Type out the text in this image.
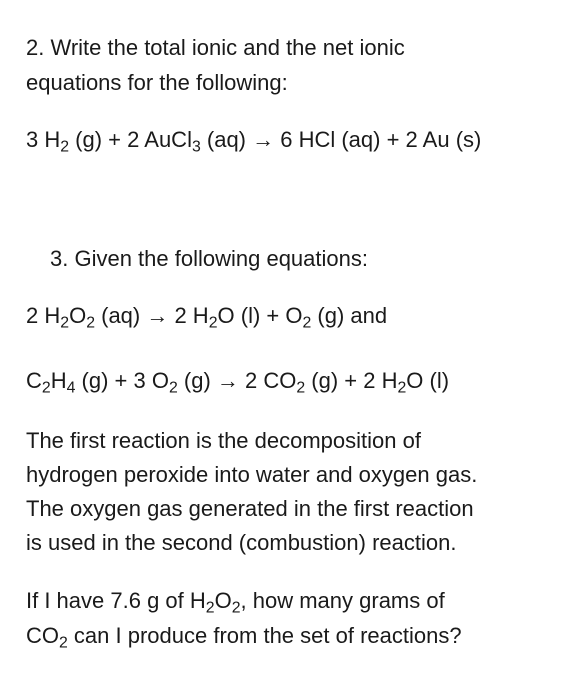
2. Write the total ionic and the net ionic
equations for the following:
3 $H_2$ (g) + 2 AuCl$_3$ (aq) → 6 HCl (aq) + 2 Au (s)
3. Given the following equations:
2 $H_2O_2$ (aq) → 2 $H_2O$ $(l) + O_2$ (g) and
$C_2H_4$ (g) + 3 $O_2$ (g) → 2 $CO_2$ (g) + 2 $H_2O$ (l)
The first reaction is the decomposition of
hydrogen peroxide into water and oxygen gas.
The oxygen gas generated in the first reaction
is used in the second (combustion) reaction.
If I have 7.6 g of $H_2O_2$, how many grams of
$CO_2$ can I produce from the set of reactions?
